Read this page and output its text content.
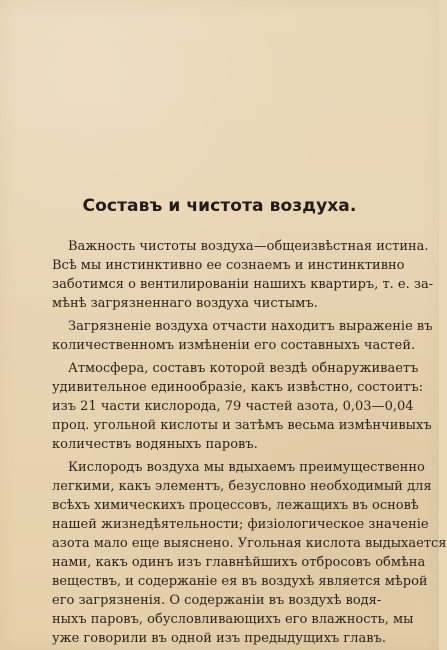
Составъ и чистота воздуха.
Важность чистоты воздуха—общеизвѣстная истина.
Всѣ мы инстинктивно ее сознаемъ и инстинктивно
заботимся о вентилированіи нашихъ квартиръ, т. е. за-
мѣнѣ загрязненнаго воздуха чистымъ.
Загрязненіе воздуха отчасти находитъ выраженіе въ
количественномъ измѣненіи его составныхъ частей.
Атмосфера, составъ которой вездѣ обнаруживаетъ
удивительное единообразіе, какъ извѣстно, состоитъ:
изъ 21 части кислорода, 79 частей азота, 0,03—0,04
проц. угольной кислоты и затѣмъ весьма измѣнчивыхъ
количествъ водяныхъ паровъ.
Кислородъ воздуха мы вдыхаемъ преимущественно
легкими, какъ элементъ, безусловно необходимый для
всѣхъ химическихъ процессовъ, лежащихъ въ основѣ
нашей жизнедѣятельности; физіологическое значеніе
азота мало еще выяснено. Угольная кислота выдыхается
нами, какъ одинъ изъ главнѣйшихъ отбросовъ обмѣна
веществъ, и содержаніе ея въ воздухѣ является мѣрой
его загрязненія. О содержаніи въ воздухѣ водя-
ныхъ паровъ, обусловливающихъ его влажность, мы
уже говорили въ одной изъ предыдущихъ главъ.
